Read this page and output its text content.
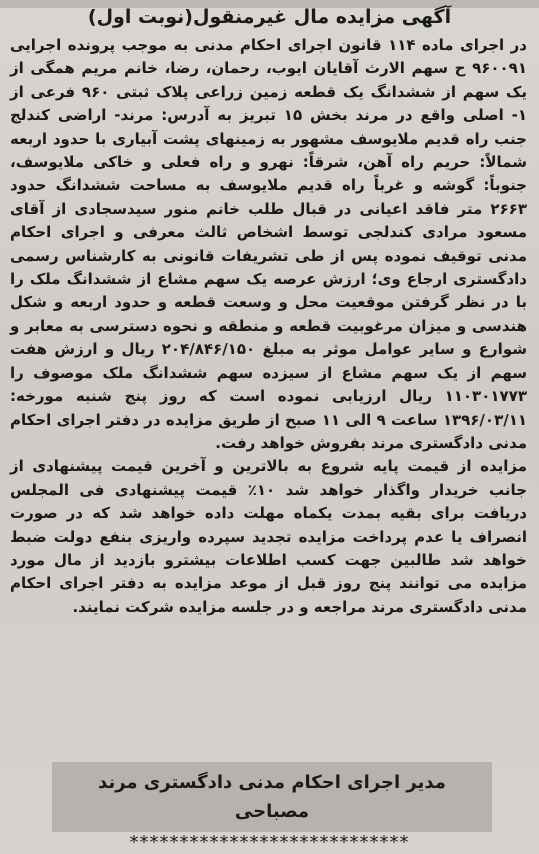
آگهی مزایده مال غیرمنقول(نوبت اول)

در اجرای ماده ۱۱۴ قانون اجرای احکام مدنی به موجب پرونده اجرایی ۹۶۰۰۹۱ ح سهم الارث آقایان ایوب، رحمان، رضا، خانم مریم همگی از یک سهم از ششدانگ یک قطعه زمین زراعی پلاک ثبتی ۹۶۰ فرعی از ۱- اصلی واقع در مرند بخش ۱۵ تبریز به آدرس: مرند- اراضی کندلج جنب راه قدیم ملایوسف مشهور به زمینهای پشت آبیاری با حدود اربعه شمالاً: حریم راه آهن، شرقاً: نهرو و راه فعلی و خاکی ملایوسف، جنوباً: گوشه و غرباً راه قدیم ملایوسف به مساحت ششدانگ حدود ۲۶۶۳ متر فاقد اعیانی در قبال طلب خانم منور سیدسجادی از آقای مسعود مرادی کندلجی توسط اشخاص ثالث معرفی و اجرای احکام مدنی توقیف نموده پس از طی تشریفات قانونی به کارشناس رسمی دادگستری ارجاع وی؛ ارزش عرصه یک سهم مشاع از ششدانگ ملک را با در نظر گرفتن موقعیت محل و وسعت قطعه و حدود اربعه و شکل هندسی و میزان مرغوبیت قطعه و منطقه و نحوه دسترسی به معابر و شوارع و سایر عوامل موثر به مبلغ ۲۰۴/۸۴۶/۱۵۰ ریال و ارزش هفت سهم از یک سهم مشاع از سیزده سهم ششدانگ ملک موصوف را ۱۱۰۳۰۱۷۷۳ ریال ارزیابی نموده است که روز پنج شنبه مورخه: ۱۳۹۶/۰۳/۱۱ ساعت ۹ الی ۱۱ صبح از طریق مزایده در دفتر اجرای احکام مدنی دادگستری مرند بفروش خواهد رفت.

مزایده از قیمت پایه شروع به بالاترین و آخرین قیمت پیشنهادی از جانب خریدار واگذار خواهد شد ۱۰٪ قیمت پیشنهادی فی المجلس دریافت برای بقیه بمدت یکماه مهلت داده خواهد شد که در صورت انصراف یا عدم پرداخت مزایده تجدید سپرده واریزی بنفع دولت ضبط خواهد شد طالبین جهت کسب اطلاعات بیشترو بازدید از مال مورد مزایده می توانند پنج روز قبل از موعد مزایده به دفتر اجرای احکام مدنی دادگستری مرند مراجعه و در جلسه مزایده شرکت نمایند.

مدیر اجرای احکام مدنی دادگستری مرند
مصباحی
****************************
